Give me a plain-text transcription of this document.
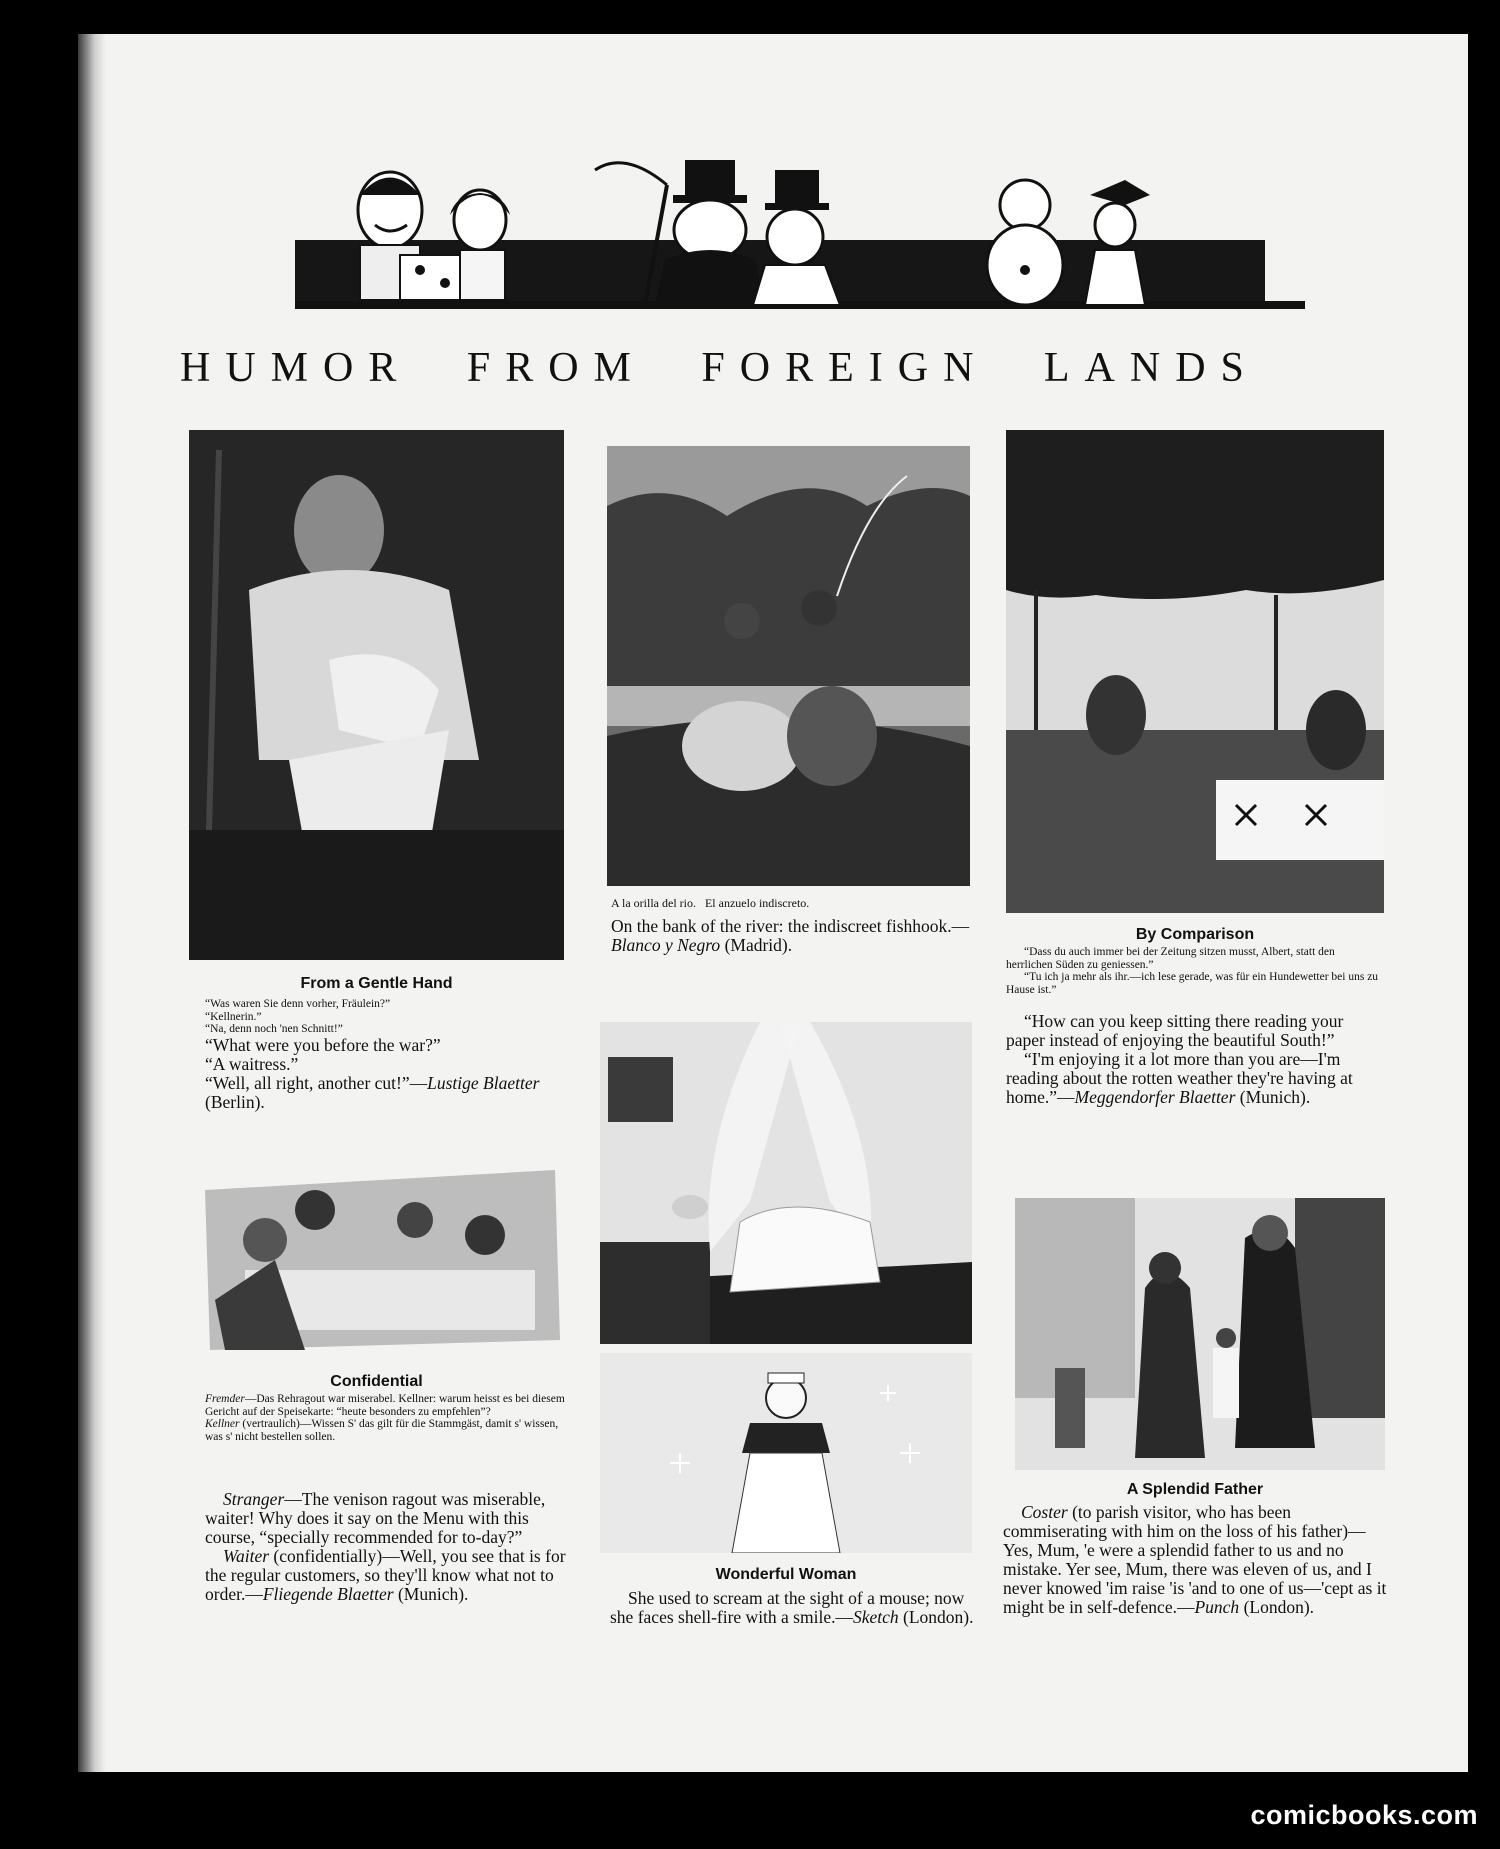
HUMOR FROM FOREIGN LANDS
From a Gentle Hand

“Was waren Sie denn vorher, Fräulein?”

“Kellnerin.”

“Na, denn noch 'nen Schnitt!”

“What were you before the war?”

“A waitress.”

“Well, all right, another cut!”—Lustige Blaetter (Berlin).

Confidential

Fremder—Das Rehragout war miserabel. Kellner: warum heisst es bei diesem Gericht auf der Speisekarte: “heute besonders zu empfehlen”?

Kellner (vertraulich)—Wissen S' das gilt für die Stammgäst, damit s' wissen, was s' nicht bestellen sollen.

Stranger—The venison ragout was miserable, waiter! Why does it say on the Menu with this course, “specially recommended for to-day?”

Waiter (confidentially)—Well, you see that is for the regular customers, so they'll know what not to order.—Fliegende Blaetter (Munich).

A la orilla del rio.   El anzuelo indiscreto.

On the bank of the river: the indiscreet fishhook.—Blanco y Negro (Madrid).

Wonderful Woman

She used to scream at the sight of a mouse; now she faces shell-fire with a smile.—Sketch (London).

By Comparison

“Dass du auch immer bei der Zeitung sitzen musst, Albert, statt den herrlichen Süden zu geniessen.”

“Tu ich ja mehr als ihr.—ich lese gerade, was für ein Hundewetter bei uns zu Hause ist.”

“How can you keep sitting there reading your paper instead of enjoying the beautiful South!”

“I'm enjoying it a lot more than you are—I'm reading about the rotten weather they're having at home.”—Meggendorfer Blaetter (Munich).

A Splendid Father

Coster (to parish visitor, who has been commiserating with him on the loss of his father)—Yes, Mum, 'e were a splendid father to us and no mistake. Yer see, Mum, there was eleven of us, and I never knowed 'im raise 'is 'and to one of us—'cept as it might be in self-defence.—Punch (London).

comicbooks.com
